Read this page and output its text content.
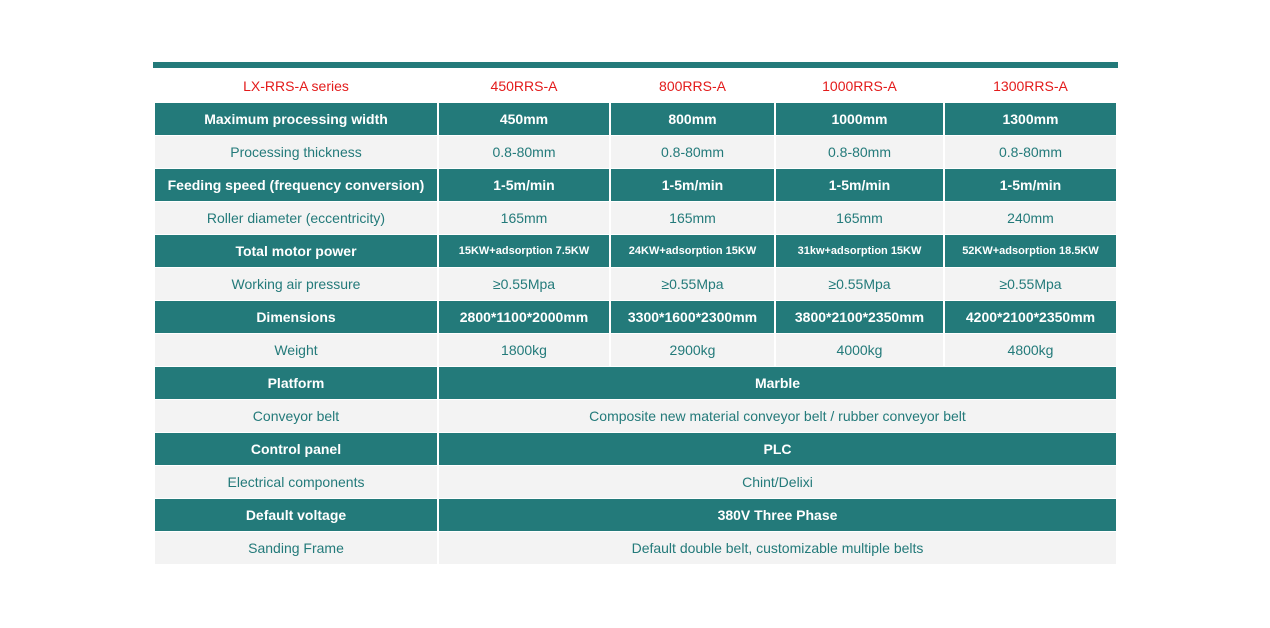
LX-RRS-A series	450RRS-A	800RRS-A	1000RRS-A	1300RRS-A
Maximum processing width	450mm	800mm	1000mm	1300mm
Processing thickness	0.8-80mm	0.8-80mm	0.8-80mm	0.8-80mm
Feeding speed (frequency conversion)	1-5m/min	1-5m/min	1-5m/min	1-5m/min
Roller diameter (eccentricity)	165mm	165mm	165mm	240mm
Total motor power	15KW+adsorption 7.5KW	24KW+adsorption 15KW	31kw+adsorption 15KW	52KW+adsorption 18.5KW
Working air pressure	≥0.55Mpa	≥0.55Mpa	≥0.55Mpa	≥0.55Mpa
Dimensions	2800*1100*2000mm	3300*1600*2300mm	3800*2100*2350mm	4200*2100*2350mm
Weight	1800kg	2900kg	4000kg	4800kg
Platform	Marble			
Conveyor belt	Composite new material conveyor belt / rubber conveyor belt			
Control panel	PLC			
Electrical components	Chint/Delixi			
Default voltage	380V Three Phase			
Sanding Frame	Default double belt, customizable multiple belts			
